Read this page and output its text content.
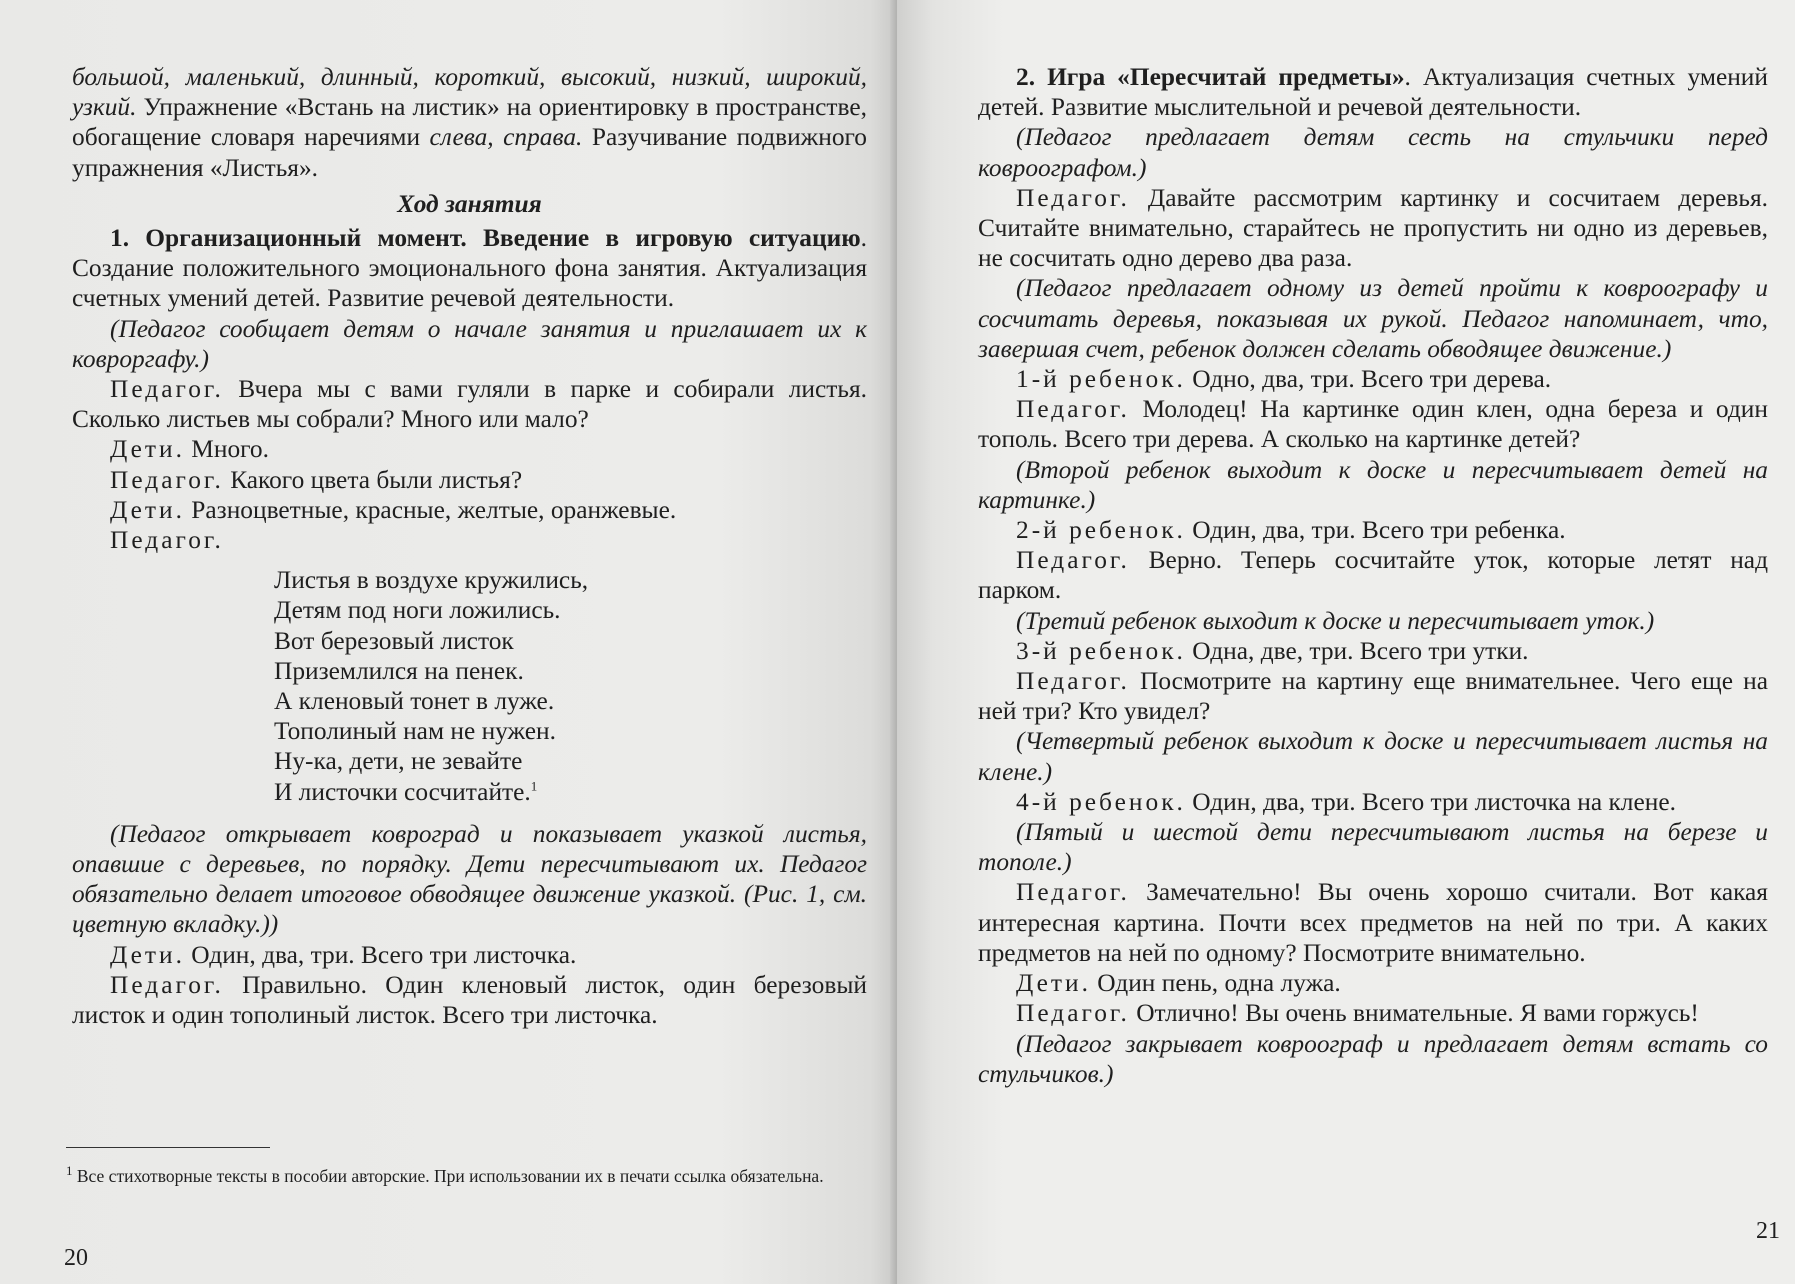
большой, маленький, длинный, короткий, высокий, низкий, широкий, узкий. Упражнение «Встань на листик» на ориентировку в пространстве, обогащение словаря наречиями слева, справа. Разучивание подвижного упражнения «Листья».

Ход занятия

1. Организационный момент. Введение в игровую ситуацию. Создание положительного эмоционального фона занятия. Актуализация счетных умений детей. Развитие речевой деятельности.

(Педагог сообщает детям о начале занятия и приглашает их к ковроргафу.)

Педагог. Вчера мы с вами гуляли в парке и собирали листья. Сколько листьев мы собрали? Много или мало?

Дети. Много.

Педагог. Какого цвета были листья?

Дети. Разноцветные, красные, желтые, оранжевые.

Педагог.

Листья в воздухе кружились,
Детям под ноги ложились.
Вот березовый листок
Приземлился на пенек.
А кленовый тонет в луже.
Тополиный нам не нужен.
Ну-ка, дети, не зевайте
И листочки сосчитайте.$^1$

(Педагог открывает ковроград и показывает указкой листья, опавшие с деревьев, по порядку. Дети пересчитывают их. Педагог обязательно делает итоговое обводящее движение указкой. (Рис. 1, см. цветную вкладку.))

Дети. Один, два, три. Всего три листочка.

Педагог. Правильно. Один кленовый листок, один березовый листок и один тополиный листок. Всего три листочка.

$^1$ Все стихотворные тексты в пособии авторские. При использовании их в печати ссылка обязательна.
20

2. Игра «Пересчитай предметы». Актуализация счетных умений детей. Развитие мыслительной и речевой деятельности.

(Педагог предлагает детям сесть на стульчики перед ковроографом.)

Педагог. Давайте рассмотрим картинку и сосчитаем деревья. Считайте внимательно, старайтесь не пропустить ни одно из деревьев, не сосчитать одно дерево два раза.

(Педагог предлагает одному из детей пройти к ковроографу и сосчитать деревья, показывая их рукой. Педагог напоминает, что, завершая счет, ребенок должен сделать обводящее движение.)

1-й ребенок. Одно, два, три. Всего три дерева.

Педагог. Молодец! На картинке один клен, одна береза и один тополь. Всего три дерева. А сколько на картинке детей?

(Второй ребенок выходит к доске и пересчитывает детей на картинке.)

2-й ребенок. Один, два, три. Всего три ребенка.

Педагог. Верно. Теперь сосчитайте уток, которые летят над парком.

(Третий ребенок выходит к доске и пересчитывает уток.)

3-й ребенок. Одна, две, три. Всего три утки.

Педагог. Посмотрите на картину еще внимательнее. Чего еще на ней три? Кто увидел?

(Четвертый ребенок выходит к доске и пересчитывает листья на клене.)

4-й ребенок. Один, два, три. Всего три листочка на клене.

(Пятый и шестой дети пересчитывают листья на березе и тополе.)

Педагог. Замечательно! Вы очень хорошо считали. Вот какая интересная картина. Почти всех предметов на ней по три. А каких предметов на ней по одному? Посмотрите внимательно.

Дети. Один пень, одна лужа.

Педагог. Отлично! Вы очень внимательные. Я вами горжусь!

(Педагог закрывает ковроограф и предлагает детям встать со стульчиков.)

21
